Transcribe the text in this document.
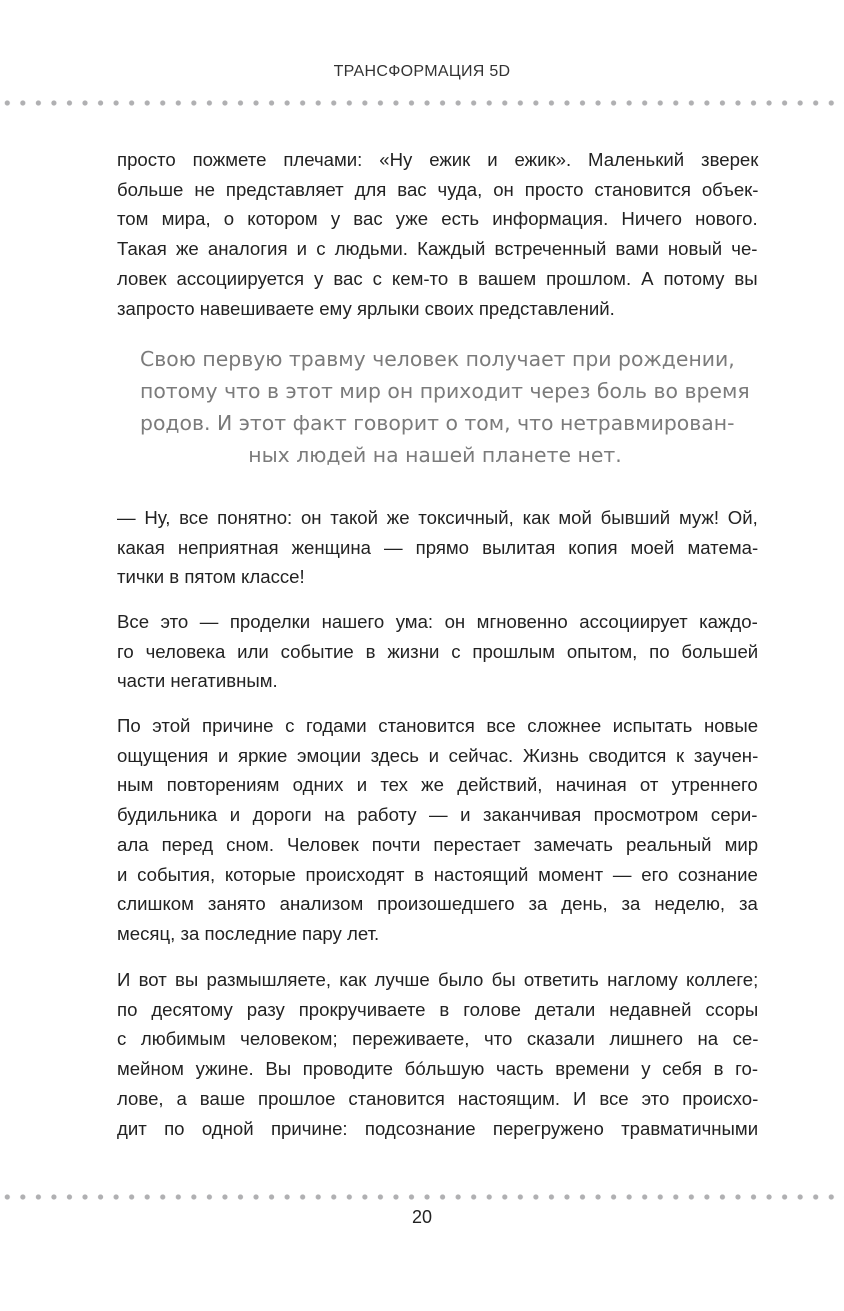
ТРАНСФОРМАЦИЯ 5D
просто пожмете плечами: «Ну ежик и ежик». Маленький зверек
больше не представляет для вас чуда, он просто становится объек-
том мира, о котором у вас уже есть информация. Ничего нового.
Такая же аналогия и с людьми. Каждый встреченный вами новый че-
ловек ассоциируется у вас с кем-то в вашем прошлом. А потому вы
запросто навешиваете ему ярлыки своих представлений.
Свою первую травму человек получает при рождении,
потому что в этот мир он приходит через боль во время
родов. И этот факт говорит о том, что нетравмирован-
ных людей на нашей планете нет.
— Ну, все понятно: он такой же токсичный, как мой бывший муж! Ой,
какая неприятная женщина — прямо вылитая копия моей матема-
тички в пятом классе!
Все это — проделки нашего ума: он мгновенно ассоциирует каждо-
го человека или событие в жизни с прошлым опытом, по большей
части негативным.
По этой причине с годами становится все сложнее испытать новые
ощущения и яркие эмоции здесь и сейчас. Жизнь сводится к заучен-
ным повторениям одних и тех же действий, начиная от утреннего
будильника и дороги на работу — и заканчивая просмотром сери-
ала перед сном. Человек почти перестает замечать реальный мир
и события, которые происходят в настоящий момент — его сознание
слишком занято анализом произошедшего за день, за неделю, за
месяц, за последние пару лет.
И вот вы размышляете, как лучше было бы ответить наглому коллеге;
по десятому разу прокручиваете в голове детали недавней ссоры
с любимым человеком; переживаете, что сказали лишнего на се-
мейном ужине. Вы проводите бóльшую часть времени у себя в го-
лове, а ваше прошлое становится настоящим. И все это происхо-
дит по одной причине: подсознание перегружено травматичными
20
